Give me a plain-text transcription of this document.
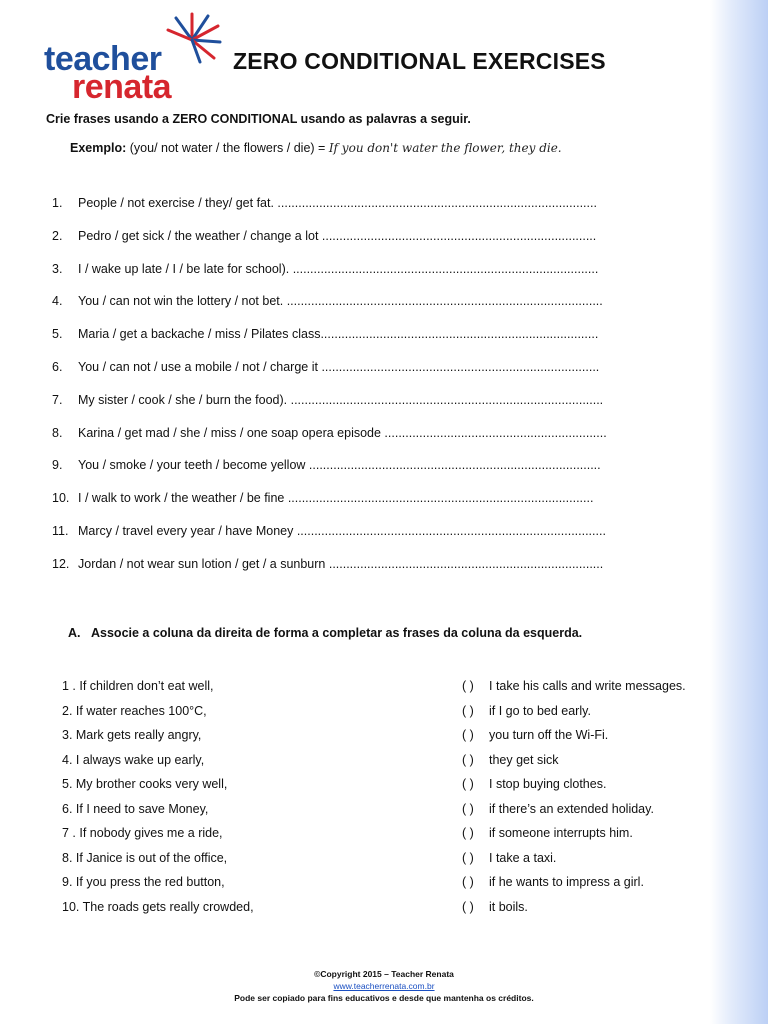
teacher
renata
ZERO CONDITIONAL EXERCISES
Crie frases usando a ZERO CONDITIONAL usando as palavras a seguir.
Exemplo: (you/ not water / the flowers / die) = If you don't water the flower, they die.
1. People / not exercise / they/ get fat. ............................................................................................
2. Pedro / get sick / the weather / change a lot ...............................................................................
3. I / wake up late / I / be late for school). ........................................................................................
4. You / can not win the lottery / not bet. ...........................................................................................
5. Maria / get a backache / miss / Pilates class................................................................................
6. You / can not / use a mobile / not / charge it ................................................................................
7. My sister / cook / she / burn the food). ..........................................................................................
8. Karina / get mad / she / miss / one soap opera episode ................................................................
9. You / smoke / your teeth / become yellow ....................................................................................
10. I / walk to work / the weather / be fine ........................................................................................
11. Marcy / travel every year / have Money .........................................................................................
12. Jordan / not wear sun lotion / get / a sunburn ...............................................................................
A. Associe a coluna da direita de forma a completar as frases da coluna da esquerda.
1 . If children don’t eat well,	( ) I take his calls and write messages.
2. If water reaches 100°C,	( ) if I go to bed early.
3. Mark gets really angry,	( ) you turn off the Wi-Fi.
4. I always wake up early,	( ) they get sick
5. My brother cooks very well,	( ) I stop buying clothes.
6. If I need to save Money,	( ) if there’s an extended holiday.
7 . If nobody gives me a ride,	( ) if someone interrupts him.
8. If Janice is out of the office,	( ) I take a taxi.
9. If you press the red button,	( ) if he wants to impress a girl.
10. The roads gets really crowded,	( ) it boils.
©Copyright 2015 – Teacher Renata
www.teacherrenata.com.br
Pode ser copiado para fins educativos e desde que mantenha os créditos.
